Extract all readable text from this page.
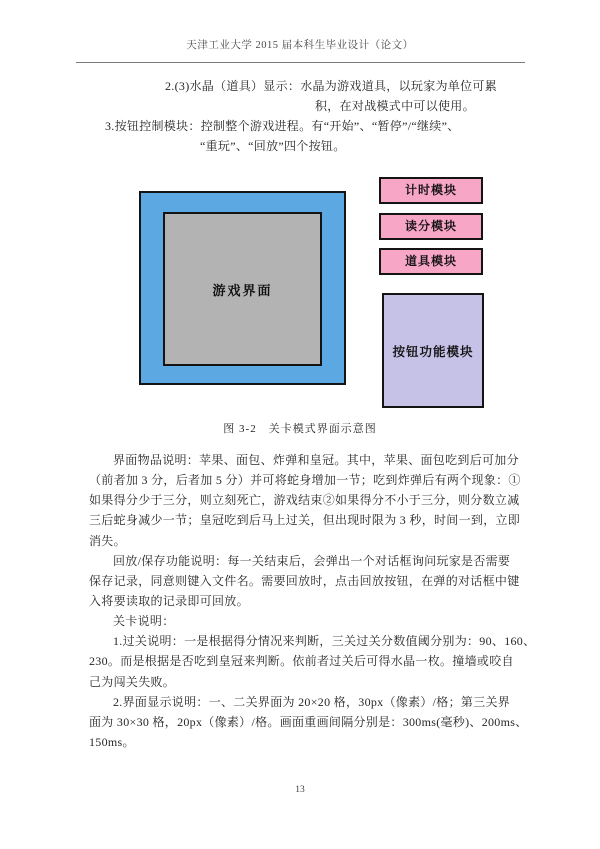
天津工业大学 2015 届本科生毕业设计（论文）
2.(3)水晶（道具）显示：水晶为游戏道具，以玩家为单位可累
积，在对战模式中可以使用。
3.按钮控制模块：控制整个游戏进程。有“开始”、“暂停”/“继续”、
“重玩”、“回放”四个按钮。
游戏界面
计时模块
读分模块
道具模块
按钮功能模块
图 3-2　关卡模式界面示意图
界面物品说明：苹果、面包、炸弹和皇冠。其中，苹果、面包吃到后可加分
（前者加 3 分，后者加 5 分）并可将蛇身增加一节；吃到炸弹后有两个现象：①
如果得分少于三分，则立刻死亡，游戏结束②如果得分不小于三分，则分数立减
三后蛇身减少一节；皇冠吃到后马上过关，但出现时限为 3 秒，时间一到，立即
消失。
回放/保存功能说明：每一关结束后，会弹出一个对话框询问玩家是否需要
保存记录，同意则键入文件名。需要回放时，点击回放按钮，在弹的对话框中键
入将要读取的记录即可回放。
关卡说明：
1.过关说明：一是根据得分情况来判断，三关过关分数值阈分别为：90、160、
230。而是根据是否吃到皇冠来判断。依前者过关后可得水晶一枚。撞墙或咬自
己为闯关失败。
2.界面显示说明：一、二关界面为 20×20 格，30px（像素）/格；第三关界
面为 30×30 格，20px（像素）/格。画面重画间隔分别是：300ms(毫秒)、200ms、
150ms。
13
